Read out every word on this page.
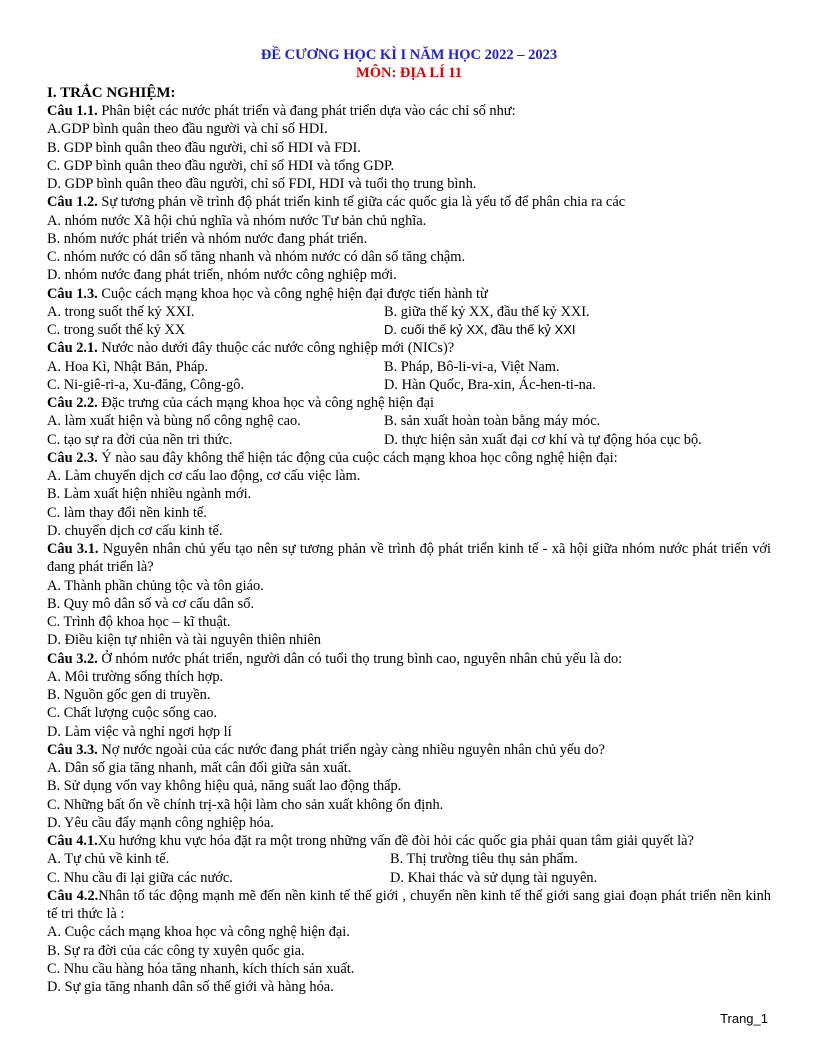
ĐỀ CƯƠNG HỌC KÌ I NĂM HỌC 2022 – 2023
MÔN: ĐỊA LÍ 11
I. TRẮC NGHIỆM:
Câu 1.1. Phân biệt các nước phát triển và đang phát triển dựa vào các chỉ số như:
A.GDP bình quân theo đầu người và chỉ số HDI.
B. GDP bình quân theo đầu người, chỉ số HDI và FDI.
C. GDP bình quân theo đầu người, chỉ số HDI và tổng GDP.
D. GDP bình quân theo đầu người, chỉ số FDI, HDI và tuổi thọ trung bình.
Câu 1.2. Sự tương phản về trình độ phát triển kinh tế giữa các quốc gia là yếu tố để phân chia ra các
A. nhóm nước Xã hội chủ nghĩa và nhóm nước Tư bản chủ nghĩa.
B. nhóm nước phát triển và nhóm nước đang phát triển.
C. nhóm nước có dân số tăng nhanh và nhóm nước có dân số tăng chậm.
D. nhóm nước đang phát triển, nhóm nước công nghiệp mới.
Câu 1.3. Cuộc cách mạng khoa học và công nghệ hiện đại được tiến hành từ
A. trong suốt thế kỷ XXI.	B. giữa thế kỷ XX, đầu thế kỷ XXI.
C. trong suốt thế kỷ XX	D. cuối thế kỷ XX, đầu thế kỷ XXI
Câu 2.1. Nước nào dưới đây thuộc các nước công nghiệp mới (NICs)?
A. Hoa Kì, Nhật Bản, Pháp.	B. Pháp, Bô-li-vi-a, Việt Nam.
C. Ni-giê-ri-a, Xu-đăng, Công-gô.	D. Hàn Quốc, Bra-xin, Ác-hen-ti-na.
Câu 2.2. Đặc trưng của cách mạng khoa học và công nghệ hiện đại
A. làm xuất hiện và bùng nổ công nghệ cao.	B. sản xuất hoàn toàn bằng máy móc.
C. tạo sự ra đời của nền tri thức.	D. thực hiện sản xuất đại cơ khí và tự động hóa cục bộ.
Câu 2.3. Ý nào sau đây không thể hiện tác động của cuộc cách mạng khoa học công nghệ hiện đại:
A. Làm chuyển dịch cơ cấu lao động, cơ cấu việc làm.
B. Làm xuất hiện nhiều ngành mới.
C. làm thay đổi nền kinh tế.
D. chuyển dịch cơ cấu kinh tế.
Câu 3.1. Nguyên nhân chủ yếu tạo nên sự tương phản về trình độ phát triển kinh tế - xã hội giữa nhóm nước phát triển với đang phát triển là?
A. Thành phần chủng tộc và tôn giáo.
B. Quy mô dân số và cơ cấu dân số.
C. Trình độ khoa học – kĩ thuật.
D. Điều kiện tự nhiên và tài nguyên thiên nhiên
Câu 3.2. Ở nhóm nước phát triển, người dân có tuổi thọ trung bình cao, nguyên nhân chủ yếu là do:
A. Môi trường sống thích hợp.
B. Nguồn gốc gen di truyền.
C. Chất lượng cuộc sống cao.
D. Làm việc và nghỉ ngơi hợp lí
Câu 3.3. Nợ nước ngoài của các nước đang phát triển ngày càng nhiều nguyên nhân chủ yếu do?
A. Dân số gia tăng nhanh, mất cân đối giữa sản xuất.
B. Sử dụng vốn vay không hiệu quả, năng suất lao động thấp.
C. Những bất ổn về chính trị-xã hội làm cho sản xuất không ổn định.
D. Yêu cầu đẩy mạnh công nghiệp hóa.
Câu 4.1.Xu hướng khu vực hóa đặt ra một trong những vấn đề đòi hỏi các quốc gia phải quan tâm giải quyết là?
A. Tự chủ về kinh tế.	B. Thị trường tiêu thụ sản phẩm.
C. Nhu cầu đi lại giữa các nước.	D. Khai thác và sử dụng tài nguyên.
Câu 4.2.Nhân tố tác động mạnh mẽ đến nền kinh tế thế giới , chuyển nền kinh tế thế giới sang giai đoạn phát triển nền kinh tế tri thức là :
A. Cuộc cách mạng khoa học và công nghệ hiện đại.
B. Sự ra đời của các công ty xuyên quốc gia.
C. Nhu cầu hàng hóa tăng nhanh, kích thích sản xuất.
D. Sự gia tăng nhanh dân số thế giới và hàng hóa.
Trang_1
